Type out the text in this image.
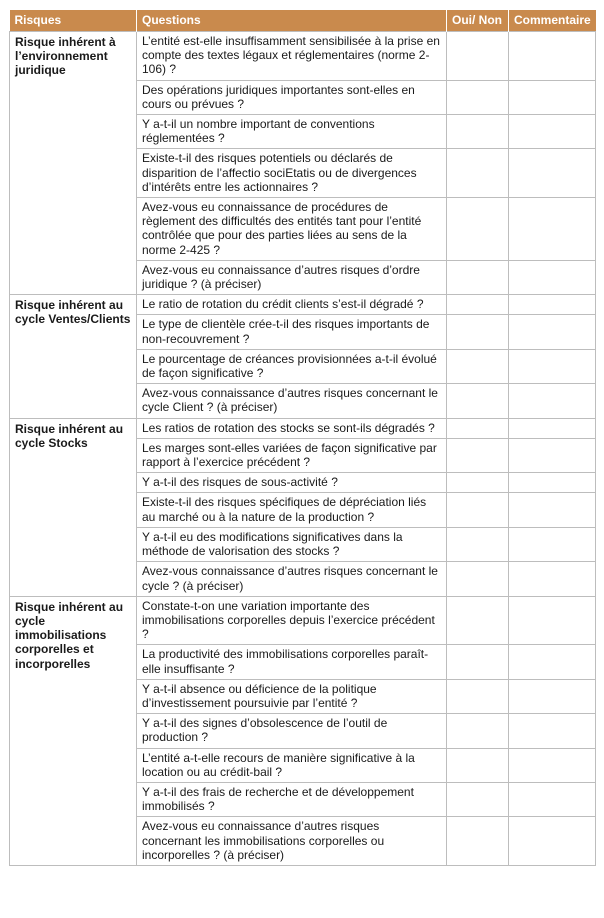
Risques	Questions	Oui/ Non	Commentaire
Risque inhérent à l’environnement juridique	L’entité est-elle insuffisamment sensibilisée à la prise en compte des textes légaux et réglementaires (norme 2-106) ?		
	Des opérations juridiques importantes sont-elles en cours ou prévues ?		
	Y a-t-il un nombre important de conventions réglementées ?		
	Existe-t-il des risques potentiels ou déclarés de disparition de l’affectio sociEtatis ou de divergences d’intérêts entre les actionnaires ?		
	Avez-vous eu connaissance de procédures de règlement des difficultés des entités tant pour l’entité contrôlée que pour des parties liées au sens de la norme 2-425 ?		
	Avez-vous eu connaissance d’autres risques d’ordre juridique ? (à préciser)		
Risque inhérent au cycle Ventes/Clients	Le ratio de rotation du crédit clients s’est-il dégradé ?		
	Le type de clientèle crée-t-il des risques importants de non-recouvrement ?		
	Le pourcentage de créances provisionnées a-t-il évolué de façon significative ?		
	Avez-vous connaissance d’autres risques concernant le cycle Client ? (à préciser)		
Risque inhérent au cycle Stocks	Les ratios de rotation des stocks se sont-ils dégradés ?		
	Les marges sont-elles variées de façon significative par rapport à l’exercice précédent ?		
	Y a-t-il des risques de sous-activité ?		
	Existe-t-il des risques spécifiques de dépréciation liés au marché ou à la nature de la production ?		
	Y a-t-il eu des modifications significatives dans la méthode de valorisation des stocks ?		
	Avez-vous connaissance d’autres risques concernant le cycle ? (à préciser)		
Risque inhérent au cycle immobilisations corporelles et incorporelles	Constate-t-on une variation importante des immobilisations corporelles depuis l’exercice précédent ?		
	La productivité des immobilisations corporelles paraît-elle insuffisante ?		
	Y a-t-il absence ou déficience de la politique d’investissement poursuivie par l’entité ?		
	Y a-t-il des signes d’obsolescence de l’outil de production ?		
	L’entité a-t-elle recours de manière significative à la location ou au crédit-bail ?		
	Y a-t-il des frais de recherche et de développement immobilisés ?		
	Avez-vous eu connaissance d’autres risques concernant les immobilisations corporelles ou incorporelles ? (à préciser)		
